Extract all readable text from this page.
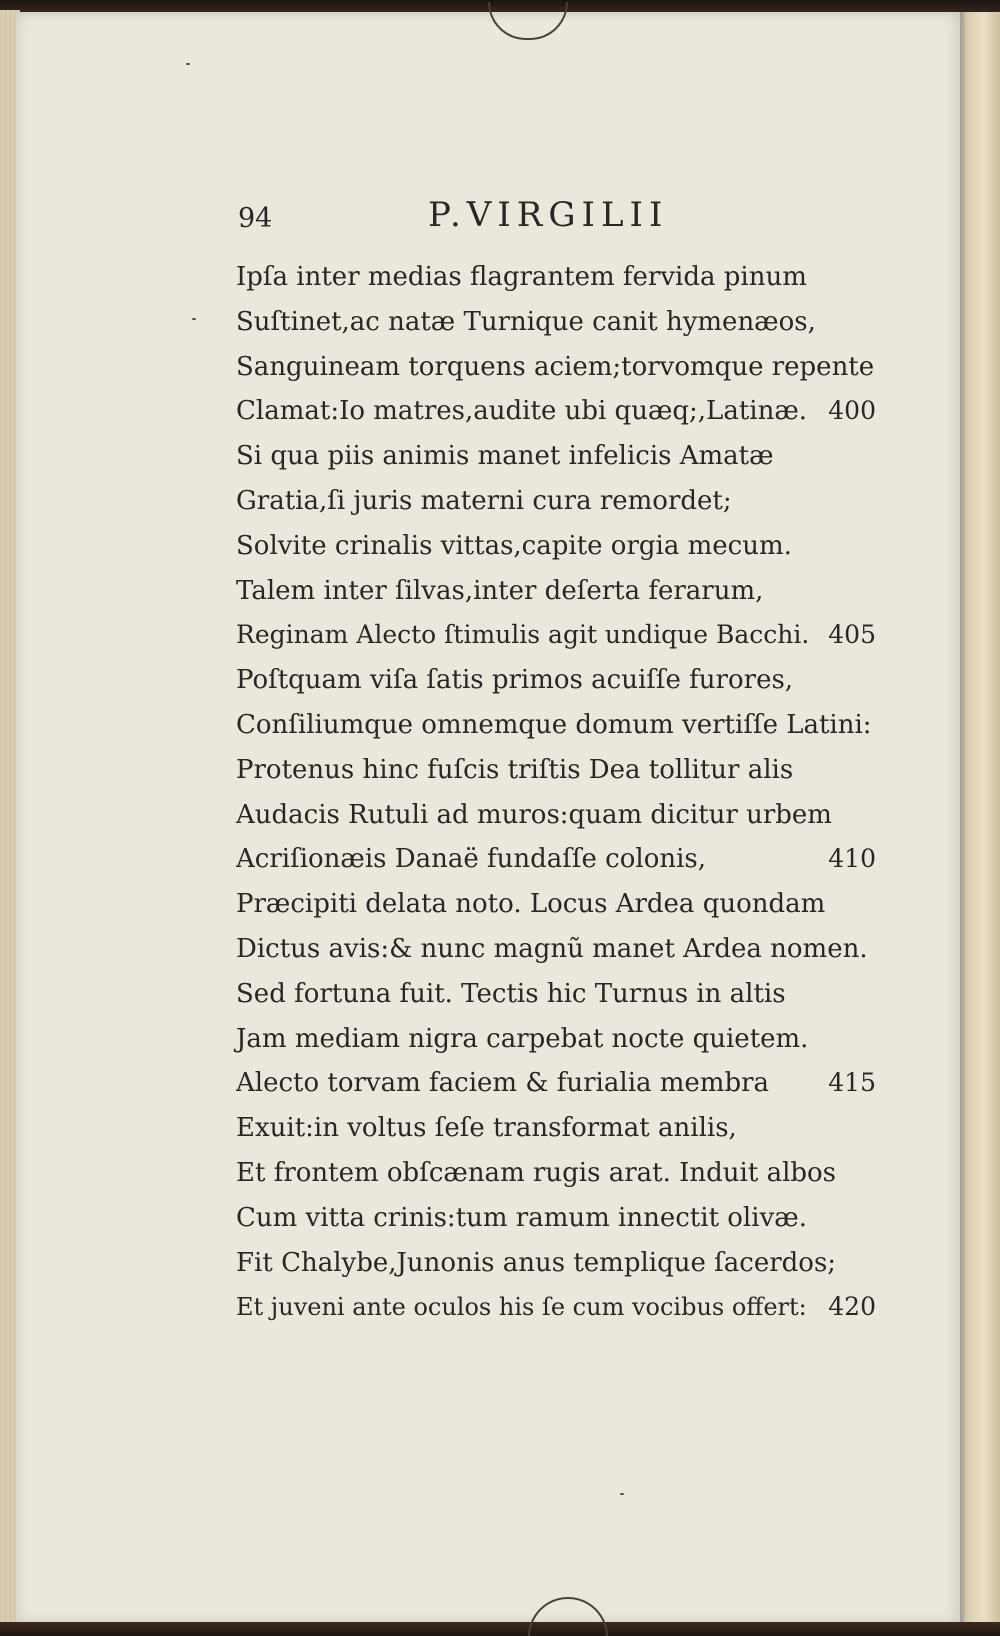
94	P.VIRGILII
Ipſa inter medias flagrantem fervida pinum
Suſtinet,ac natæ Turnique canit hymenæos,
Sanguineam torquens aciem;torvomque repente
Clamat:Io matres,audite ubi quæq;,Latinæ. 400
Si qua piis animis manet infelicis Amatæ
Gratia,ſi juris materni cura remordet;
Solvite crinalis vittas,capite orgia mecum.
Talem inter ſilvas,inter deſerta ferarum,
Reginam Alecto ſtimulis agit undique Bacchi. 405
Poſtquam viſa ſatis primos acuiſſe furores,
Conſiliumque omnemque domum vertiſſe Latini:
Protenus hinc fuſcis triſtis Dea tollitur alis
Audacis Rutuli ad muros:quam dicitur urbem
Acriſionæis Danaë fundaſſe colonis,	410
Præcipiti delata noto. Locus Ardea quondam
Dictus avis:& nunc magnũ manet Ardea nomen.
Sed fortuna fuit. Tectis hic Turnus in altis
Jam mediam nigra carpebat nocte quietem.
Alecto torvam faciem & furialia membra 415
Exuit:in voltus ſeſe transformat anilis,
Et frontem obſcænam rugis arat. Induit albos
Cum vitta crinis:tum ramum innectit olivæ.
Fit Chalybe,Junonis anus templique ſacerdos;
Et juveni ante oculos his ſe cum vocibus offert: 420
